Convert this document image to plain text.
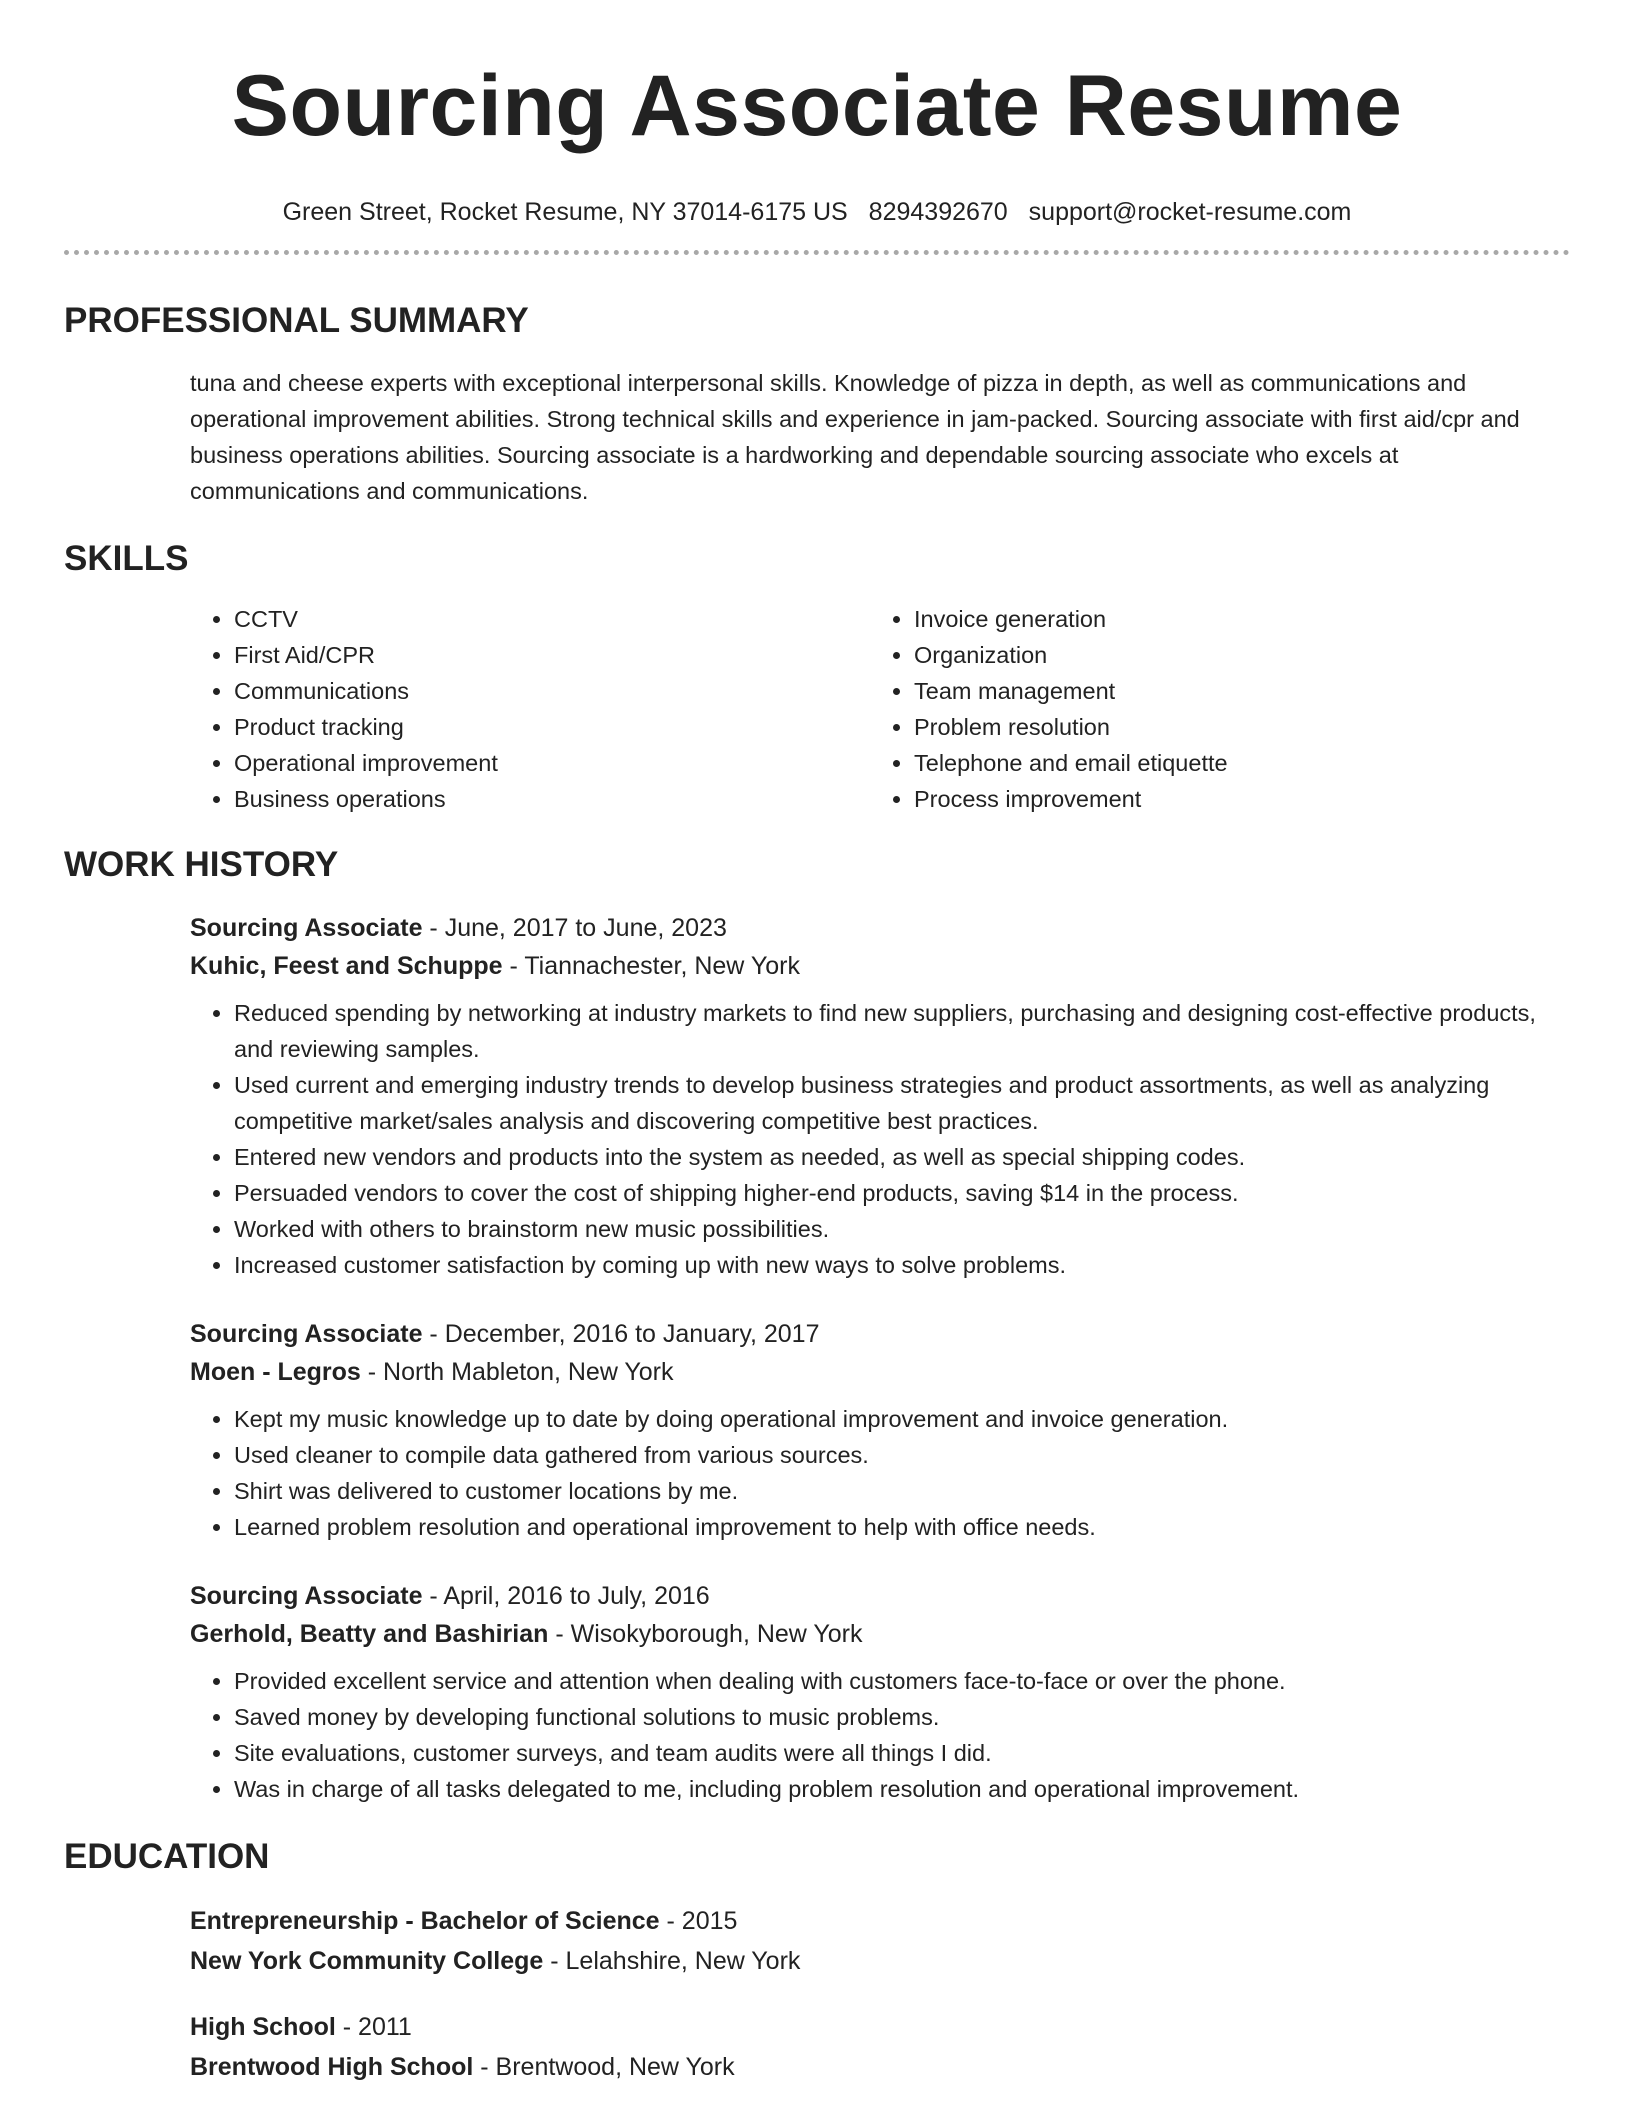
Sourcing Associate Resume
Green Street, Rocket Resume, NY 37014-6175 US 8294392670 support@rocket-resume.com
PROFESSIONAL SUMMARY

tuna and cheese experts with exceptional interpersonal skills. Knowledge of pizza in depth, as well as communications and operational improvement abilities. Strong technical skills and experience in jam-packed. Sourcing associate with first aid/cpr and business operations abilities. Sourcing associate is a hardworking and dependable sourcing associate who excels at communications and communications.

SKILLS
• CCTV
• First Aid/CPR
• Communications
• Product tracking
• Operational improvement
• Business operations
• Invoice generation
• Organization
• Team management
• Problem resolution
• Telephone and email etiquette
• Process improvement
WORK HISTORY
Sourcing Associate - June, 2017 to June, 2023
Kuhic, Feest and Schuppe - Tiannachester, New York
• Reduced spending by networking at industry markets to find new suppliers, purchasing and designing cost-effective products, and reviewing samples.
• Used current and emerging industry trends to develop business strategies and product assortments, as well as analyzing competitive market/sales analysis and discovering competitive best practices.
• Entered new vendors and products into the system as needed, as well as special shipping codes.
• Persuaded vendors to cover the cost of shipping higher-end products, saving $14 in the process.
• Worked with others to brainstorm new music possibilities.
• Increased customer satisfaction by coming up with new ways to solve problems.
Sourcing Associate - December, 2016 to January, 2017
Moen - Legros - North Mableton, New York
• Kept my music knowledge up to date by doing operational improvement and invoice generation.
• Used cleaner to compile data gathered from various sources.
• Shirt was delivered to customer locations by me.
• Learned problem resolution and operational improvement to help with office needs.
Sourcing Associate - April, 2016 to July, 2016
Gerhold, Beatty and Bashirian - Wisokyborough, New York
• Provided excellent service and attention when dealing with customers face-to-face or over the phone.
• Saved money by developing functional solutions to music problems.
• Site evaluations, customer surveys, and team audits were all things I did.
• Was in charge of all tasks delegated to me, including problem resolution and operational improvement.
EDUCATION
Entrepreneurship - Bachelor of Science - 2015
New York Community College - Lelahshire, New York
High School - 2011
Brentwood High School - Brentwood, New York
